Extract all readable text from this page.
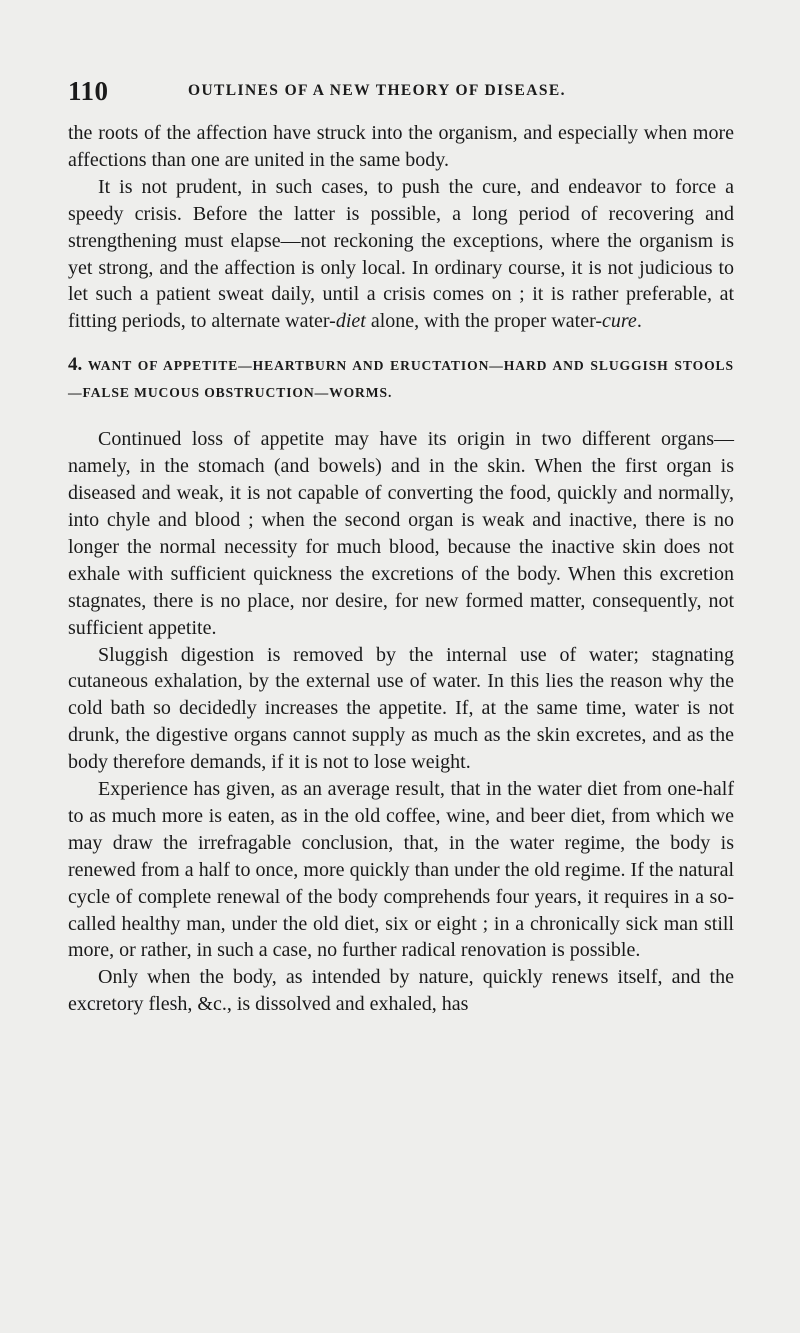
110	OUTLINES OF A NEW THEORY OF DISEASE.

the roots of the affection have struck into the organism, and especially when more affections than one are united in the same body.

It is not prudent, in such cases, to push the cure, and endeavor to force a speedy crisis. Before the latter is possible, a long period of recovering and strengthening must elapse—not reckoning the exceptions, where the organism is yet strong, and the affection is only local. In ordinary course, it is not judicious to let such a patient sweat daily, until a crisis comes on ; it is rather preferable, at fitting periods, to alternate water-diet alone, with the proper water-cure.

4. WANT OF APPETITE—HEARTBURN AND ERUCTATION—HARD AND SLUGGISH STOOLS—FALSE MUCOUS OBSTRUCTION—WORMS.

Continued loss of appetite may have its origin in two different organs—namely, in the stomach (and bowels) and in the skin. When the first organ is diseased and weak, it is not capable of converting the food, quickly and normally, into chyle and blood ; when the second organ is weak and inactive, there is no longer the normal necessity for much blood, because the inactive skin does not exhale with sufficient quickness the excretions of the body. When this excretion stagnates, there is no place, nor desire, for new formed matter, consequently, not sufficient appetite.

Sluggish digestion is removed by the internal use of water; stagnating cutaneous exhalation, by the external use of water. In this lies the reason why the cold bath so decidedly increases the appetite. If, at the same time, water is not drunk, the digestive organs cannot supply as much as the skin excretes, and as the body therefore demands, if it is not to lose weight.

Experience has given, as an average result, that in the water diet from one-half to as much more is eaten, as in the old coffee, wine, and beer diet, from which we may draw the irrefragable conclusion, that, in the water regime, the body is renewed from a half to once, more quickly than under the old regime. If the natural cycle of complete renewal of the body comprehends four years, it requires in a so-called healthy man, under the old diet, six or eight ; in a chronically sick man still more, or rather, in such a case, no further radical renovation is possible.

Only when the body, as intended by nature, quickly renews itself, and the excretory flesh, &c., is dissolved and exhaled, has
